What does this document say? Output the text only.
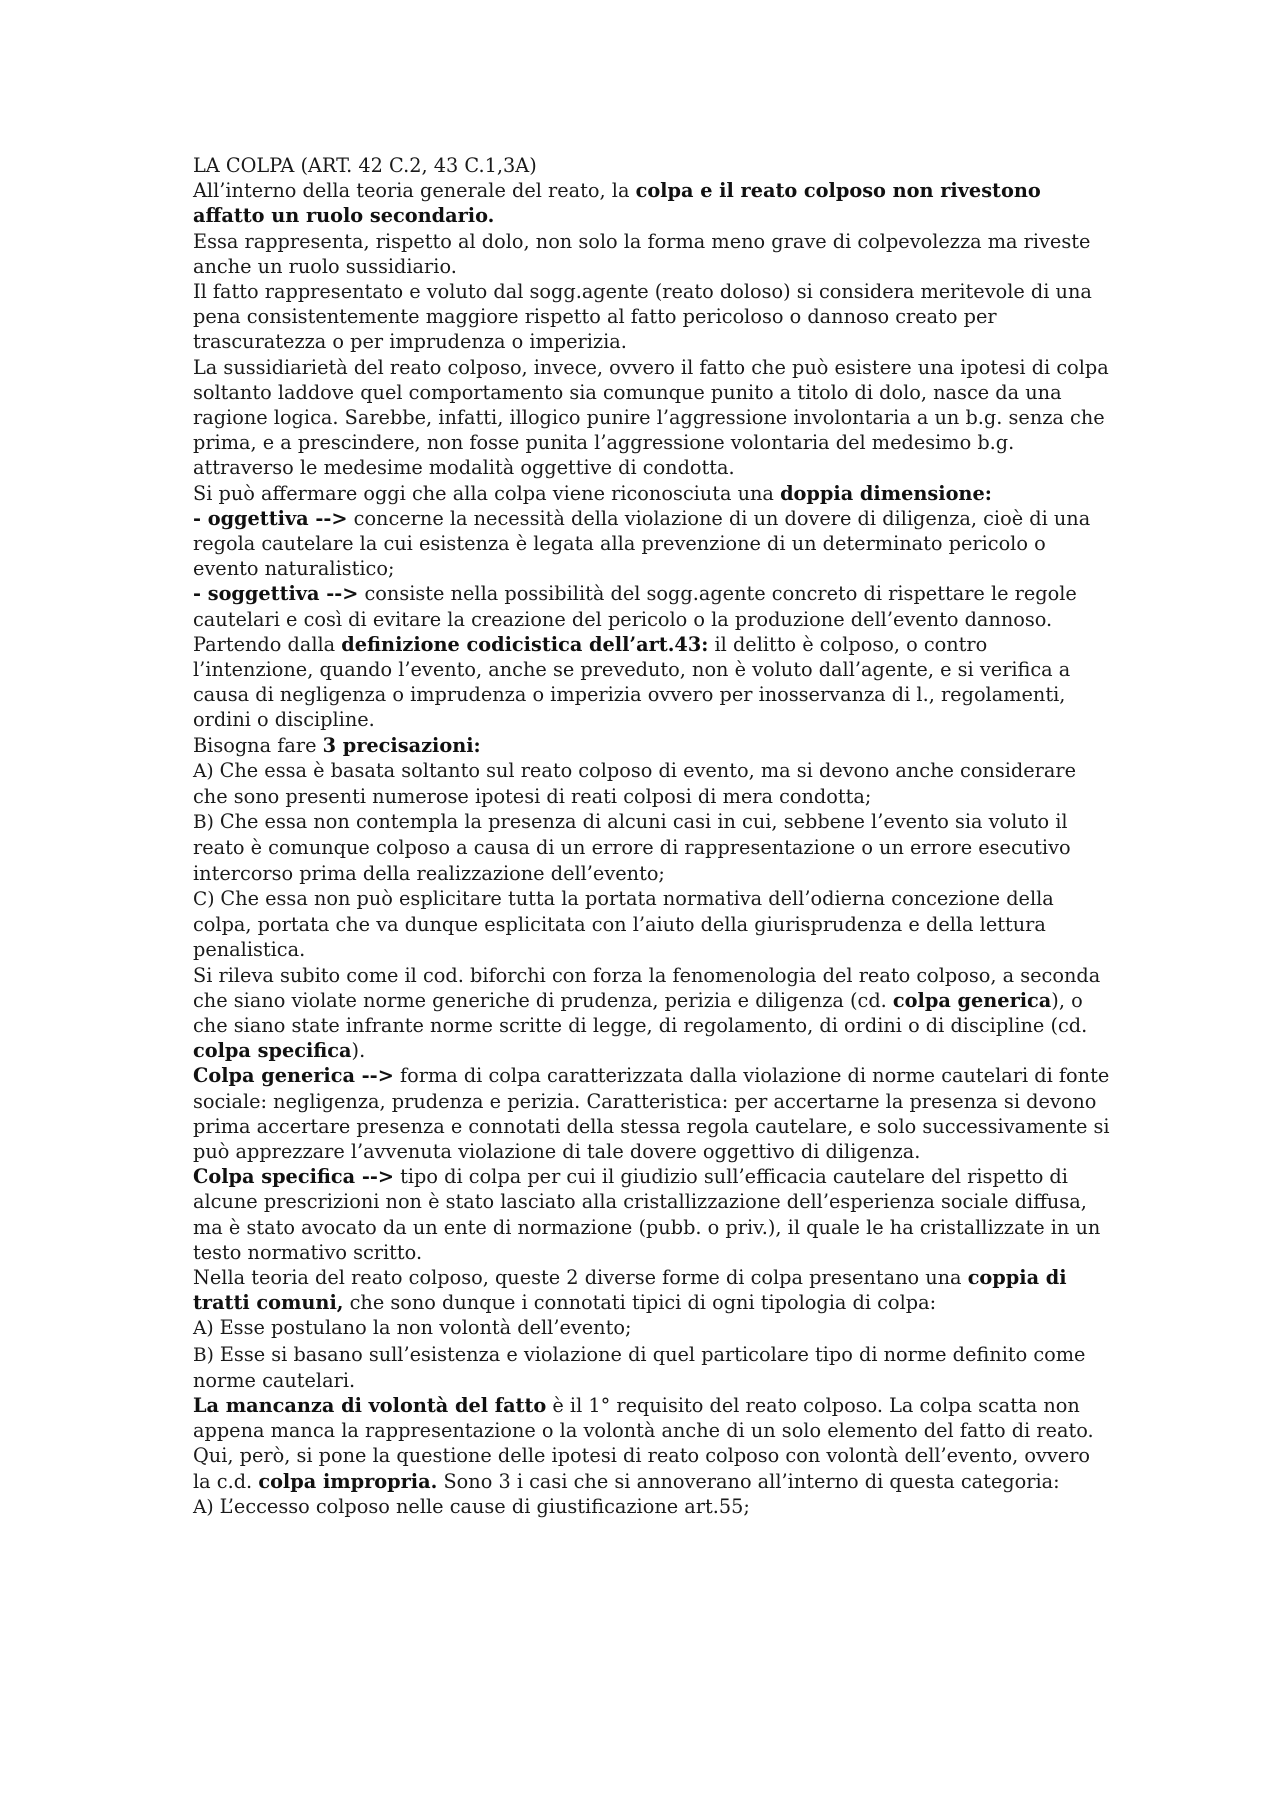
LA COLPA (ART. 42 C.2, 43 C.1,3A)

All’interno della teoria generale del reato, la colpa e il reato colposo non rivestono affatto un ruolo secondario.

Essa rappresenta, rispetto al dolo, non solo la forma meno grave di colpevolezza ma riveste anche un ruolo sussidiario.

Il fatto rappresentato e voluto dal sogg.agente (reato doloso) si considera meritevole di una pena consistentemente maggiore rispetto al fatto pericoloso o dannoso creato per trascuratezza o per imprudenza o imperizia.

La sussidiarietà del reato colposo, invece, ovvero il fatto che può esistere una ipotesi di colpa soltanto laddove quel comportamento sia comunque punito a titolo di dolo, nasce da una ragione logica. Sarebbe, infatti, illogico punire l’aggressione involontaria a un b.g. senza che prima, e a prescindere, non fosse punita l’aggressione volontaria del medesimo b.g. attraverso le medesime modalità oggettive di condotta.

Si può affermare oggi che alla colpa viene riconosciuta una doppia dimensione:

- oggettiva --> concerne la necessità della violazione di un dovere di diligenza, cioè di una regola cautelare la cui esistenza è legata alla prevenzione di un determinato pericolo o evento naturalistico;

- soggettiva --> consiste nella possibilità del sogg.agente concreto di rispettare le regole cautelari e così di evitare la creazione del pericolo o la produzione dell’evento dannoso.

Partendo dalla definizione codicistica dell’art.43: il delitto è colposo, o contro l’intenzione, quando l’evento, anche se preveduto, non è voluto dall’agente, e si verifica a causa di negligenza o imprudenza o imperizia ovvero per inosservanza di l., regolamenti, ordini o discipline.

Bisogna fare 3 precisazioni:

A) Che essa è basata soltanto sul reato colposo di evento, ma si devono anche considerare che sono presenti numerose ipotesi di reati colposi di mera condotta;

B) Che essa non contempla la presenza di alcuni casi in cui, sebbene l’evento sia voluto il reato è comunque colposo a causa di un errore di rappresentazione o un errore esecutivo intercorso prima della realizzazione dell’evento;

C) Che essa non può esplicitare tutta la portata normativa dell’odierna concezione della colpa, portata che va dunque esplicitata con l’aiuto della giurisprudenza e della lettura penalistica.

Si rileva subito come il cod. biforchi con forza la fenomenologia del reato colposo, a seconda che siano violate norme generiche di prudenza, perizia e diligenza (cd. colpa generica), o che siano state infrante norme scritte di legge, di regolamento, di ordini o di discipline (cd. colpa specifica).

Colpa generica --> forma di colpa caratterizzata dalla violazione di norme cautelari di fonte sociale: negligenza, prudenza e perizia. Caratteristica: per accertarne la presenza si devono prima accertare presenza e connotati della stessa regola cautelare, e solo successivamente si può apprezzare l’avvenuta violazione di tale dovere oggettivo di diligenza.

Colpa specifica --> tipo di colpa per cui il giudizio sull’efficacia cautelare del rispetto di alcune prescrizioni non è stato lasciato alla cristallizzazione dell’esperienza sociale diffusa, ma è stato avocato da un ente di normazione (pubb. o priv.), il quale le ha cristallizzate in un testo normativo scritto.

Nella teoria del reato colposo, queste 2 diverse forme di colpa presentano una coppia di tratti comuni, che sono dunque i connotati tipici di ogni tipologia di colpa:

A) Esse postulano la non volontà dell’evento;

B) Esse si basano sull’esistenza e violazione di quel particolare tipo di norme definito come norme cautelari.

La mancanza di volontà del fatto è il 1° requisito del reato colposo. La colpa scatta non appena manca la rappresentazione o la volontà anche di un solo elemento del fatto di reato. Qui, però, si pone la questione delle ipotesi di reato colposo con volontà dell’evento, ovvero la c.d. colpa impropria. Sono 3 i casi che si annoverano all’interno di questa categoria:

A) L’eccesso colposo nelle cause di giustificazione art.55;
